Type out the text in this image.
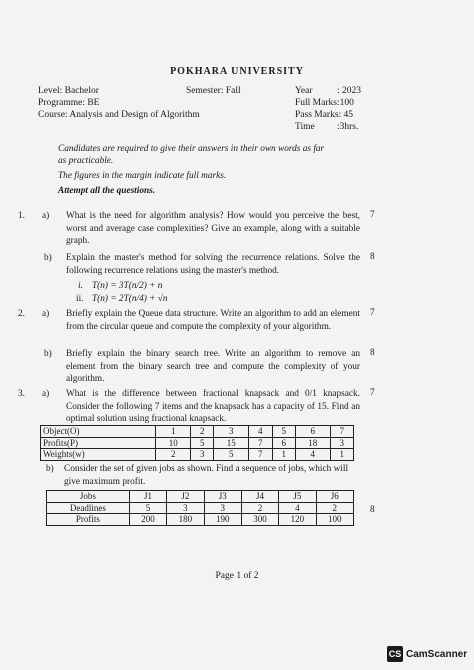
POKHARA UNIVERSITY
Level: Bachelor	Semester: Fall	Year	: 2023
Programme: BE	Full Marks:100
Course: Analysis and Design of Algorithm	Pass Marks: 45
Time :3hrs.
Candidates are required to give their answers in their own words as far
as practicable.
The figures in the margin indicate full marks.
Attempt all the questions.
1. a) What is the need for algorithm analysis? How would you perceive the best, worst and average case complexities? Give an example, along with a suitable graph.
7
b) Explain the master's method for solving the recurrence relations. Solve the following recurrence relations using the master's method.
8
i. T(n) = 3T(n/2) + n
ii. T(n) = 2T(n/4) + √n
2. a) Briefly explain the Queue data structure. Write an algorithm to add an element from the circular queue and compute the complexity of your algorithm.
7
b) Briefly explain the binary search tree. Write an algorithm to remove an element from the binary search tree and compute the complexity of your algorithm.
8
3. a) What is the difference between fractional knapsack and 0/1 knapsack. Consider the following 7 items and the knapsack has a capacity of 15. Find an optimal solution using fractional knapsack.
7
Object(O)	1	2	3	4	5	6	7
Profits(P)	10	5	15	7	6	18	3
Weights(w)	2	3	5	7	1	4	1
b) Consider the set of given jobs as shown. Find a sequence of jobs, which will give maximum profit.
8
Jobs	J1	J2	J3	J4	J5	J6
Deadlines	5	3	3	2	4	2
Profits	200	180	190	300	120	100
Page 1 of 2
CS CamScanner
